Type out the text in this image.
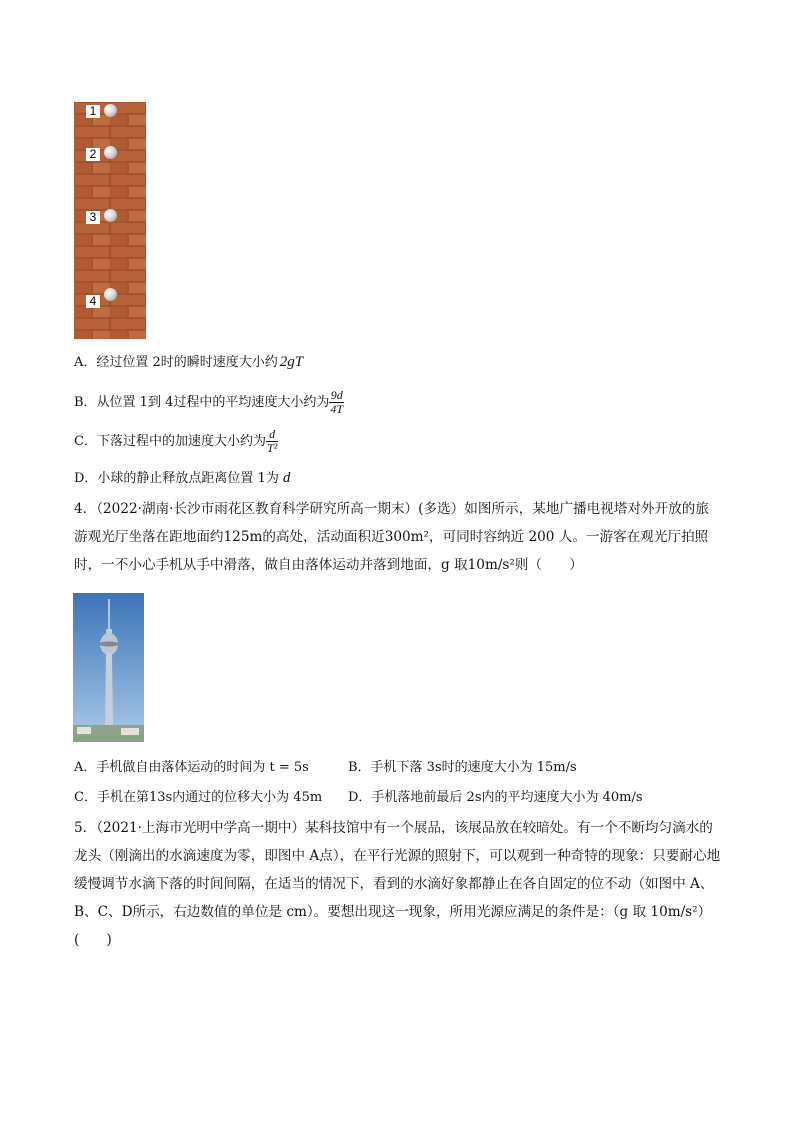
1
2
3
4
A．经过位置 2时的瞬时速度大小约 2gT
B．从位置 1到 4过程中的平均速度大小约为 $\frac{9d}{4T}$
C．下落过程中的加速度大小约为 $\frac{d}{\text{T²}}$
D．小球的静止释放点距离位置 1为 d
4．（2022·湖南·长沙市雨花区教育科学研究所高一期末）(多选）如图所示，某地广播电视塔对外开放的旅游观光厅坐落在距地面约125m的高处，活动面积近300m²，可同时容纳近 200 人。一游客在观光厅拍照时，一不小心手机从手中滑落，做自由落体运动并落到地面，g 取10m/s²则（　　）
A．手机做自由落体运动的时间为 t = 5s	B．手机下落 3s时的速度大小为 15m/s
C．手机在第13s内通过的位移大小为 45m D．手机落地前最后 2s内的平均速度大小为 40m/s
5．（2021·上海市光明中学高一期中）某科技馆中有一个展品，该展品放在较暗处。有一个不断均匀滴水的龙头（刚滴出的水滴速度为零，即图中 A点），在平行光源的照射下，可以观到一种奇特的现象：只要耐心地缓慢调节水滴下落的时间间隔，在适当的情况下，看到的水滴好象都静止在各自固定的位不动（如图中 A、B、C、D所示，右边数值的单位是 cm）。要想出现这一现象，所用光源应满足的条件是：（g 取 10m/s²）(　　)
